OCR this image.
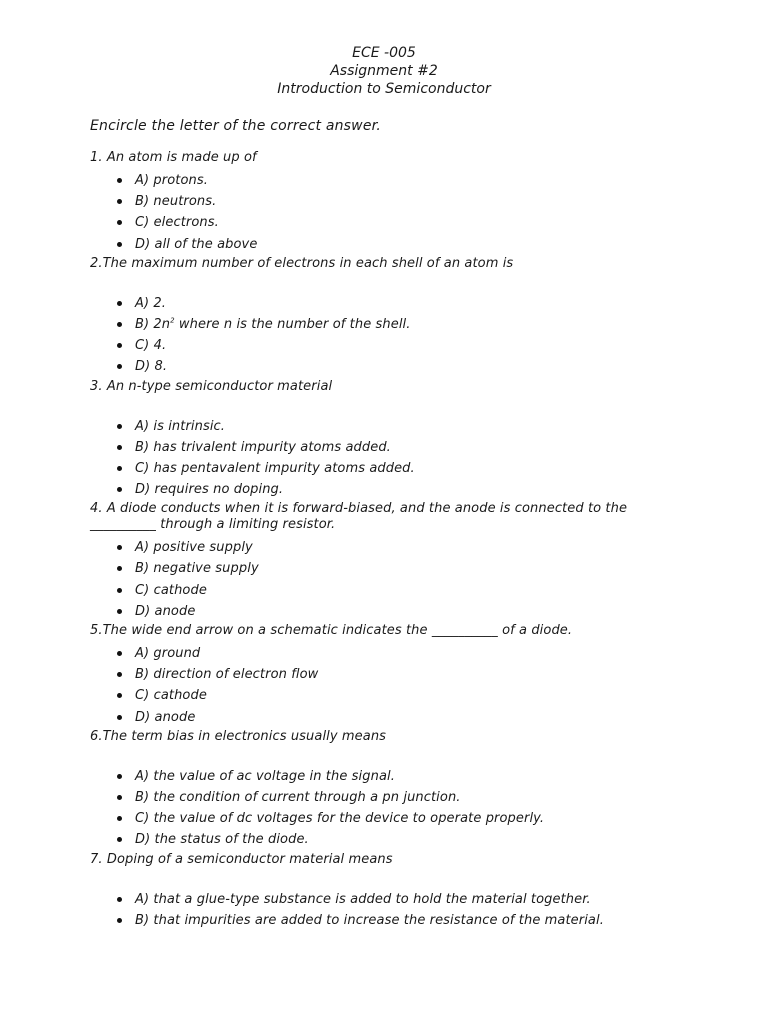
ECE -005
Assignment #2
Introduction to Semiconductor
Encircle the letter of the correct answer.

1. An atom is made up of

A) protons.
B) neutrons.
C) electrons.
D) all of the above

2.The maximum number of electrons in each shell of an atom is

A) 2.
B) $2n^2$ where n is the number of the shell.
C) 4.
D) 8.

3. An n-type semiconductor material

A) is intrinsic.
B) has trivalent impurity atoms added.
C) has pentavalent impurity atoms added.
D) requires no doping.

4. A diode conducts when it is forward-biased, and the anode is connected to the

__________ through a limiting resistor.

A) positive supply
B) negative supply
C) cathode
D) anode

5.The wide end arrow on a schematic indicates the __________ of a diode.

A) ground
B) direction of electron flow
C) cathode
D) anode

6.The term bias in electronics usually means

A) the value of ac voltage in the signal.
B) the condition of current through a pn junction.
C) the value of dc voltages for the device to operate properly.
D) the status of the diode.

7. Doping of a semiconductor material means

A) that a glue-type substance is added to hold the material together.
B) that impurities are added to increase the resistance of the material.
